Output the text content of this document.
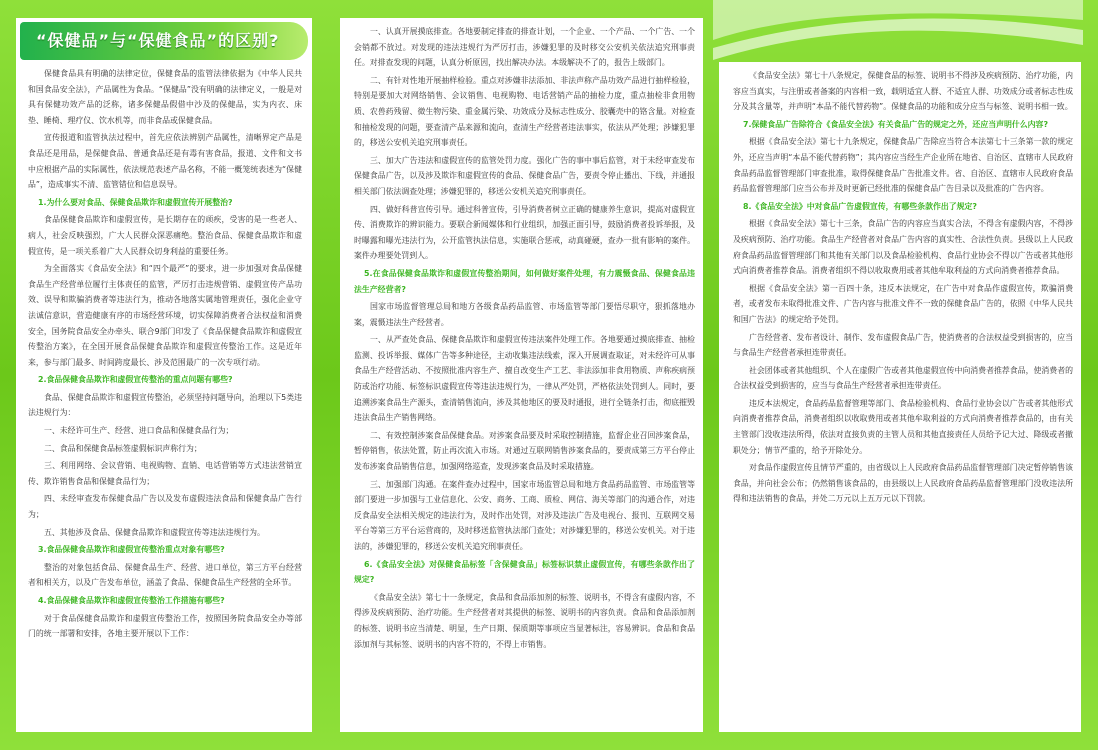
“保健品”与“保健食品”的区别?

保健食品具有明确的法律定位，保健食品的监管法律依据为《中华人民共和国食品安全法》，产品属性为食品。“保健品”没有明确的法律定义，一般是对具有保健功效产品的泛称，诸多保健品假借中沙及的保健品，实为内衣、床垫、睡椅、理疗仪、饮水机等，而非食品或保健食品。

宣传报道和监管执法过程中，首先应依法辨别产品属性，清晰界定产品是食品还是用品，是保健食品、普通食品还是有毒有害食品，报道、文件和文书中应根据产品的实际属性，依法规范表述产品名称，不能一概笼统表述为“保健品”，造成事实不清、监管错位和信息误导。

1.为什么要对食品、保健食品欺诈和虚假宣传开展整治?

食品保健食品欺诈和虚假宣传，是长期存在的顽疾，受害的是一些老人、病人，社会反映强烈，广大人民群众深恶痛绝。整治食品、保健食品欺诈和虚假宣传，是一项关系着广大人民群众切身利益的重要任务。

为全面落实《食品安全法》和“四个最严”的要求，进一步加强对食品保健食品生产经营单位履行主体责任的监管，严厉打击违规营销、虚假宣传产品功效、误导和欺骗消费者等违法行为，推动各地落实属地管理责任，强化企业守法诚信意识，营造健康有序的市场经营环境，切实保障消费者合法权益和消费安全，国务院食品安全办牵头、联合9部门印发了《食品保健食品欺诈和虚假宣传整治方案》，在全国开展食品保健食品欺诈和虚假宣传整治工作。这是近年来，参与部门最多、时间跨度最长、涉及范围最广的一次专项行动。

2.食品保健食品欺诈和虚假宣传整治的重点问题有哪些?

食品、保健食品欺诈和虚假宣传整治，必须坚持问题导向，治理以下5类违法违规行为：

一、未经许可生产、经营、进口食品和保健食品行为；

二、食品和保健食品标签虚假标识声称行为；

三、利用网络、会议营销、电视购物、直销、电话营销等方式违法营销宣传、欺诈销售食品和保健食品行为；

四、未经审查发布保健食品广告以及发布虚假违法食品和保健食品广告行为；

五、其他涉及食品、保健食品欺诈和虚假宣传等违法违规行为。

3.食品保健食品欺诈和虚假宣传整治重点对象有哪些?

整治的对象包括食品、保健食品生产、经营、进口单位，第三方平台经营者和相关方，以及广告发布单位，涵盖了食品、保健食品生产经营的全环节。

4.食品保健食品欺诈和虚假宣传整治工作措施有哪些?

对于食品保健食品欺诈和虚假宣传整治工作，按照国务院食品安全办等部门的统一部署和安排，各地主要开展以下工作：

一、认真开展摸底排查。各地要制定排查的排查计划，一个企业、一个产品、一个广告、一个会销都不放过。对发现的违法违规行为严厉打击，涉嫌犯罪的及时移交公安机关依法追究刑事责任。对排查发现的问题，认真分析原因，找出解决办法。本级解决不了的，报告上级部门。

二、有针对性地开展抽样检验。重点对涉嫌非法添加、非法声称产品功效产品进行抽样检验，特别是要加大对网络销售、会议销售、电视购物、电话营销产品的抽检力度，重点抽检非食用物质、农兽药残留、微生物污染、重金属污染、功效成分及标志性成分、胶囊壳中的铬含量。对检查和抽检发现的问题，要查清产品来源和流向，查清生产经营者违法事实，依法从严处理；涉嫌犯罪的，移送公安机关追究刑事责任。

三、加大广告违法和虚假宣传的监管处罚力度。强化广告的事中事后监管，对于未经审查发布保健食品广告，以及涉及欺诈和虚假宣传的食品、保健食品广告，要责令停止播出、下线，并通报相关部门依法调查处理；涉嫌犯罪的，移送公安机关追究刑事责任。

四、做好科普宣传引导。通过科普宣传，引导消费者树立正确的健康养生意识，提高对虚假宣传、消费欺诈的辨识能力。要联合新闻媒体和行业组织，加强正面引导，鼓励消费者投诉举报，及时曝露和曝光违法行为，公开监管执法信息，实施联合惩戒，动真碰硬，查办一批有影响的案件。案件办理要处罚到人。

5.在食品保健食品欺诈和虚假宣传整治期间，如何做好案件处理，有力震慑食品、保健食品违法生产经营者?

国家市场监督管理总局和地方各级食品药品监管、市场监管等部门要悟尽职守，狠抓落地办案，震慑违法生产经营者。

一、从严查处食品、保健食品欺诈和虚假宣传违法案件处理工作。各地要通过摸底排查、抽检监测、投诉举报、媒体广告等多种途径，主动收集违法线索，深入开展调查取证，对未经许可从事食品生产经营活动、不按照批准内容生产、擅自改变生产工艺、非法添加非食用物质、声称疾病预防或治疗功能、标签标识虚假宣传等违法违规行为，一律从严处罚，严格依法处罚到人。同时，要追溯涉案食品生产源头，查清销售流向，涉及其他地区的要及时通报，进行全链条打击，彻底摧毁违法食品生产销售网络。

二、有效控制涉案食品保健食品。对涉案食品要及时采取控制措施，监督企业召回涉案食品，暂停销售，依法处置，防止再次流入市场。对通过互联网销售涉案食品的，要责成第三方平台停止发布涉案食品销售信息，加强网络巡查，发现涉案食品及时采取措施。

三、加强部门沟通。在案件查办过程中，国家市场监管总局和地方食品药品监管、市场监管等部门要进一步加强与工业信息化、公安、商务、工商、质检、网信、海关等部门的沟通合作，对违反食品安全法相关规定的违法行为，及时作出处罚，对涉及违法广告及电视台、报刊、互联网交易平台等第三方平台运营商的，及时移送监管执法部门查处；对涉嫌犯罪的，移送公安机关。对于违法的，涉嫌犯罪的，移送公安机关追究刑事责任。

6.《食品安全法》对保健食品标签「含保健食品」标签标识禁止虚假宣传，有哪些条款作出了规定?

《食品安全法》第七十一条规定，食品和食品添加剂的标签、说明书，不得含有虚假内容，不得涉及疾病预防、治疗功能。生产经营者对其提供的标签、说明书的内容负责。食品和食品添加剂的标签、说明书应当清楚、明显，生产日期、保质期等事项应当显著标注，容易辨识。食品和食品添加剂与其标签、说明书的内容不符的，不得上市销售。

《食品安全法》第七十八条规定，保健食品的标签、说明书不得涉及疾病预防、治疗功能，内容应当真实，与注册或者备案的内容相一致，载明适宜人群、不适宜人群、功效成分或者标志性成分及其含量等，并声明“本品不能代替药物”。保健食品的功能和成分应当与标签、说明书相一致。

7.保健食品广告除符合《食品安全法》有关食品广告的规定之外，还应当声明什么内容?

根据《食品安全法》第七十九条规定，保健食品广告除应当符合本法第七十三条第一款的规定外，还应当声明“本品不能代替药物”；其内容应当经生产企业所在地省、自治区、直辖市人民政府食品药品监督管理部门审查批准，取得保健食品广告批准文件。省、自治区、直辖市人民政府食品药品监督管理部门应当公布并及时更新已经批准的保健食品广告目录以及批准的广告内容。

8.《食品安全法》中对食品广告虚假宣传，有哪些条款作出了规定?

根据《食品安全法》第七十三条，食品广告的内容应当真实合法，不得含有虚假内容，不得涉及疾病预防、治疗功能。食品生产经营者对食品广告内容的真实性、合法性负责。县级以上人民政府食品药品监督管理部门和其他有关部门以及食品检验机构、食品行业协会不得以广告或者其他形式向消费者推荐食品。消费者组织不得以收取费用或者其他牟取利益的方式向消费者推荐食品。

根据《食品安全法》第一百四十条，违反本法规定，在广告中对食品作虚假宣传，欺骗消费者，或者发布未取得批准文件、广告内容与批准文件不一致的保健食品广告的，依照《中华人民共和国广告法》的规定给予处罚。

广告经营者、发布者设计、制作、发布虚假食品广告，使消费者的合法权益受到损害的，应当与食品生产经营者承担连带责任。

社会团体或者其他组织、个人在虚假广告或者其他虚假宣传中向消费者推荐食品，使消费者的合法权益受到损害的，应当与食品生产经营者承担连带责任。

违反本法规定，食品药品监督管理等部门、食品检验机构、食品行业协会以广告或者其他形式向消费者推荐食品，消费者组织以收取费用或者其他牟取利益的方式向消费者推荐食品的，由有关主管部门没收违法所得，依法对直接负责的主管人员和其他直接责任人员给予记大过、降级或者撤职处分；情节严重的，给予开除处分。

对食品作虚假宣传且情节严重的，由省级以上人民政府食品药品监督管理部门决定暂停销售该食品，并向社会公布；仍然销售该食品的，由县级以上人民政府食品药品监督管理部门没收违法所得和违法销售的食品，并处二万元以上五万元以下罚款。
